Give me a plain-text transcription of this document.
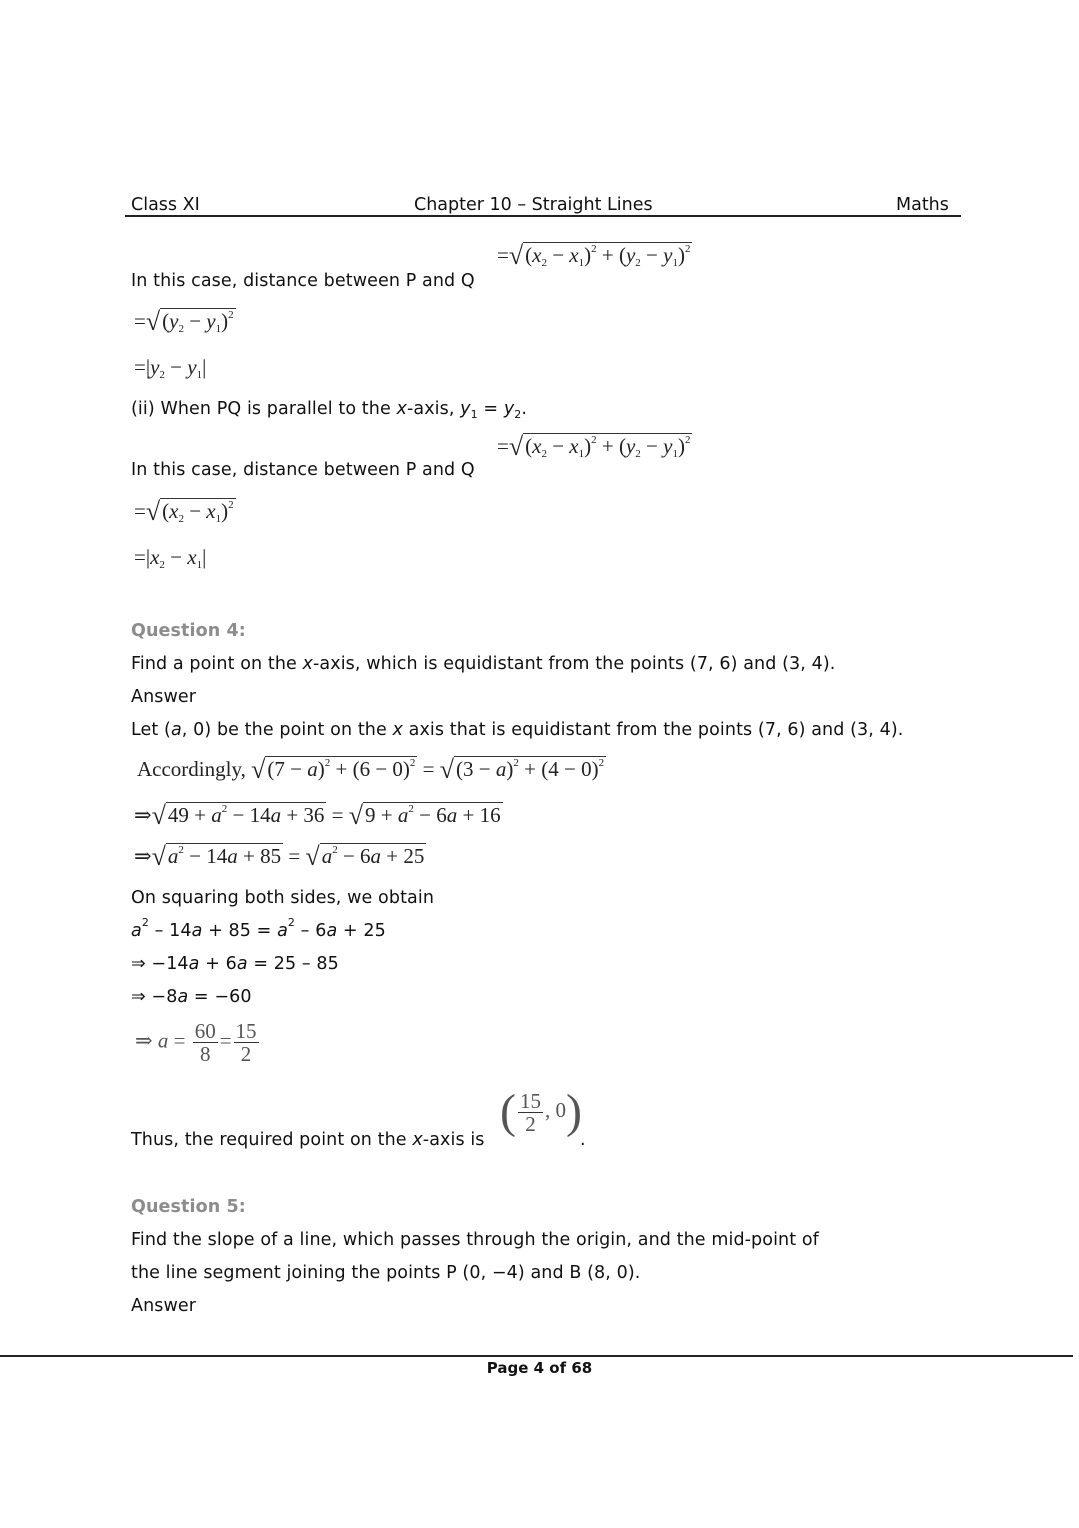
Class XI	Chapter 10 – Straight Lines	Maths
In this case, distance between P and Q
$=√(x_2 - x_1)^2 + (y_2 - y_1)^2$
$=√(y_2 - y_1)^2$
$=|y_2 - y_1|$
(ii) When PQ is parallel to the x-axis, $y_1 = y_2$.
In this case, distance between P and Q
$=√(x_2 - x_1)^2 + (y_2 - y_1)^2$
$=√(x_2 - x_1)^2$
$=|x_2 - x_1|$
Question 4:
Find a point on the x-axis, which is equidistant from the points (7, 6) and (3, 4).
Answer
Let (a, 0) be the point on the x axis that is equidistant from the points (7, 6) and (3, 4).
Accordingly, $√(7 - a)^2 + (6 - 0)^2 = √(3 - a)^2 + (4 - 0)^2$
⇒√49 + $a^2 - 14a + 36 = √9 + a^2 - 6a + 16$
$\Rightarrow√a^2 - 14a + 85 = √a^2 - 6a + 25$
On squaring both sides, we obtain
$a^2 - 14a + 85 = a^2 - 6a + 25$
⇒ −14a + 6a = 25 – 85
⇒ −8a = −60
⇒ $a = \frac{60}{8} = \frac{15}{2}$
Thus, the required point on the x-axis is
( $\frac{15}{2}$ , 0)
.
Question 5:
Find the slope of a line, which passes through the origin, and the mid-point of
the line segment joining the points P (0, −4) and B (8, 0).
Answer
Page 4 of 68
